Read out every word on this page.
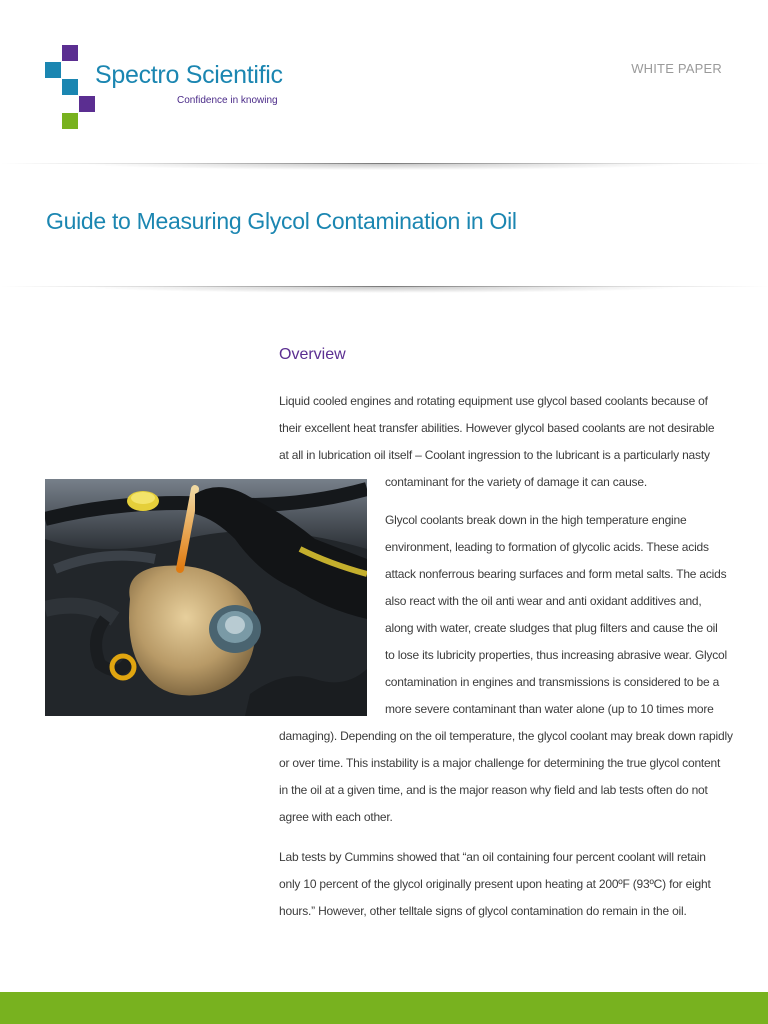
Spectro Scientific

Confidence in knowing

WHITE PAPER
Guide to Measuring Glycol Contamination in Oil
Overview

Liquid cooled engines and rotating equipment use glycol based coolants because of
their excellent heat transfer abilities. However glycol based coolants are not desirable
at all in lubrication oil itself – Coolant ingression to the lubricant is a particularly nasty
contaminant for the variety of damage it can cause.

Glycol coolants break down in the high temperature engine
environment, leading to formation of glycolic acids. These acids
attack nonferrous bearing surfaces and form metal salts. The acids
also react with the oil anti wear and anti oxidant additives and,
along with water, create sludges that plug filters and cause the oil
to lose its lubricity properties, thus increasing abrasive wear. Glycol
contamination in engines and transmissions is considered to be a
more severe contaminant than water alone (up to 10 times more
damaging). Depending on the oil temperature, the glycol coolant may break down rapidly
or over time. This instability is a major challenge for determining the true glycol content
in the oil at a given time, and is the major reason why field and lab tests often do not
agree with each other.

Lab tests by Cummins showed that “an oil containing four percent coolant will retain
only 10 percent of the glycol originally present upon heating at 200ºF (93ºC) for eight
hours.” However, other telltale signs of glycol contamination do remain in the oil.
